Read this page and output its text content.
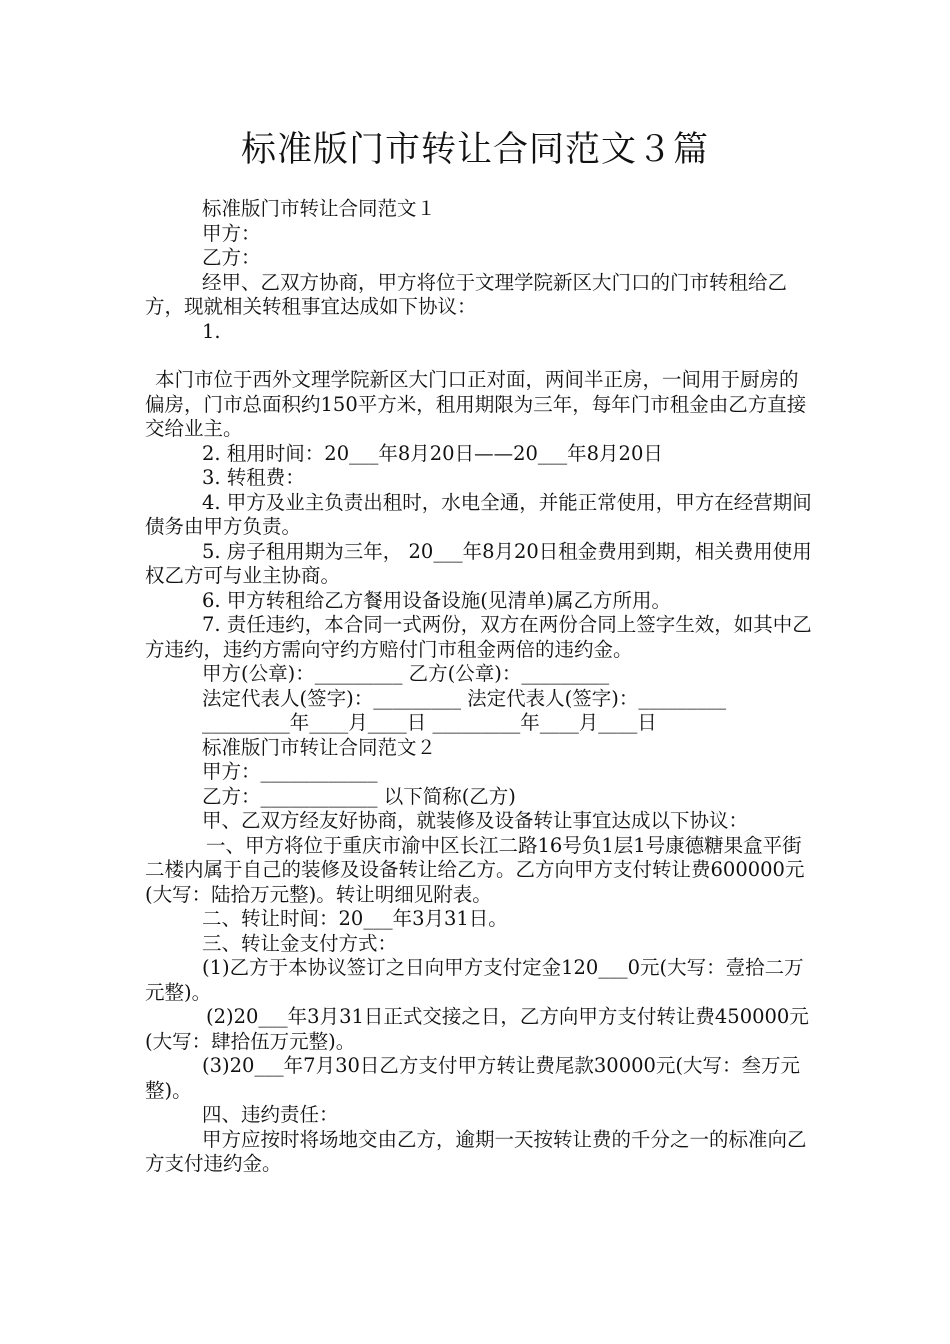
标准版门市转让合同范文３篇

标准版门市转让合同范文１

甲方：

乙方：

经甲、乙双方协商，甲方将位于文理学院新区大门口的门市转租给乙方，现就相关转租事宜达成如下协议：

1.

本门市位于西外文理学院新区大门口正对面，两间半正房，一间用于厨房的偏房，门市总面积约150平方米，租用期限为三年，每年门市租金由乙方直接交给业主。

2. 租用时间：20___年8月20日——20___年8月20日

3. 转租费：

4. 甲方及业主负责出租时，水电全通，并能正常使用，甲方在经营期间债务由甲方负责。

5. 房子租用期为三年， 20___年8月20日租金费用到期，相关费用使用权乙方可与业主协商。

6. 甲方转租给乙方餐用设备设施(见清单)属乙方所用。

7. 责任违约，本合同一式两份，双方在两份合同上签字生效，如其中乙方违约，违约方需向守约方赔付门市租金两倍的违约金。

甲方(公章)：_________ 乙方(公章)：_________

法定代表人(签字)：_________ 法定代表人(签字)：_________

_________年____月____日 _________年____月____日

标准版门市转让合同范文２

甲方：____________

乙方：____________ 以下简称(乙方)

甲、乙双方经友好协商，就装修及设备转让事宜达成以下协议：

一、甲方将位于重庆市渝中区长江二路16号负1层1号康德糖果盒平街二楼内属于自己的装修及设备转让给乙方。乙方向甲方支付转让费600000元(大写：陆拾万元整)。转让明细见附表。

二、转让时间：20___年3月31日。

三、转让金支付方式：

(1)乙方于本协议签订之日向甲方支付定金120___0元(大写：壹拾二万元整)。

(2)20___年3月31日正式交接之日，乙方向甲方支付转让费450000元(大写：肆拾伍万元整)。

(3)20___年7月30日乙方支付甲方转让费尾款30000元(大写：叁万元整)。

四、违约责任：

甲方应按时将场地交由乙方，逾期一天按转让费的千分之一的标准向乙方支付违约金。
